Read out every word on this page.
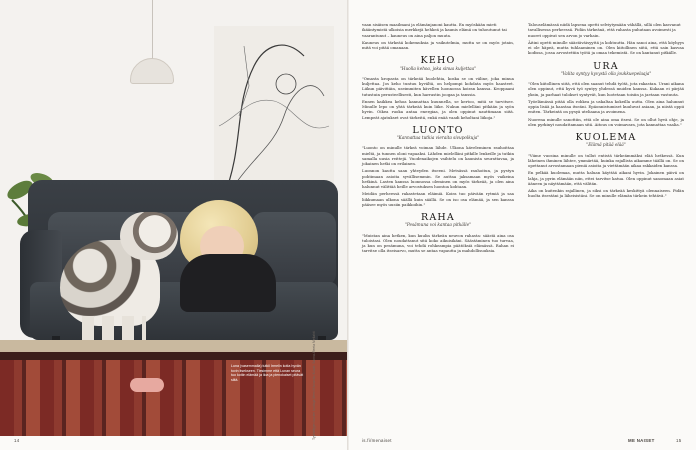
Luna (vasemmalla) tutkii Irmelin kotia hyvän tovin itsekseen. Tiesimme että Lunan seura tuo kotiin elämää ja iloa ja pienokaiset pitävät siitä.	Tyyliteltyjen kuvien tuottaja Mervi Kiviranta; Kuvat: Sanna-Reeta Meilahti
14

vaan sisäisen maailmani ja elämänjanoni kautta. En myöskään mieti ikääntymistä ulkoisia merkkejä hehkeä ja kaunis elämä on tuhoutunut tai vaarantunut – kauneus on aina paljon muuta.

Kauneus on tärkeää kokemuksia ja vaikutelmia, mutta se on myös jotain, mitä voi pitää omanaan.

KEHO
"Huolla kehoa, joka sinua kuljettaa"

"Omasta kropasta on tärkeää huolehtia, koska se on väline, joka minua kuljettaa. Jos keho tuntuu hyvältä, on helpompi kohdata myös haasteet. Liikun päivittäin, useimmiten kävellen luonnossa koiran kanssa. Kroppaani tutustuin perusteellisesti, kun harrastin joogaa ja tanssia.

Ennen kaikkea kehoa kannattaa kuunnella, se kertoo, mitä se tarvitsee. Minulle lepo on yhtä tärkeää kuin liike. Nukun mielelläni pitkään ja syön hyvin. Oikea ruoka antaa energiaa, ja olen oppinut nauttimaan siitä. Lempeät ajatukset ovat tärkeitä, enkä enää vaadi keholtani liikoja."

LUONTO
"Kannattaa tutkia vieraita sivupolkuja"

"Luonto on minulle tärkeä voiman lähde. Ulkona käveleminen rauhoittaa mieltä, ja tunnen oloni vapaaksi. Lähden mielelläni pitkille lenkeille ja tutkin samalla uusia reittejä. Vuodenaikojen vaihtelu on kaunista seurattavaa, ja jokainen hetki on erilainen.

Luonnon kautta saan yhteyden itseeni. Metsässä rauhoitun, ja pystyn pohtimaan asioita syvällisemmin. Se auttaa jaksamaan myös vaikeina hetkinä. Lasten kanssa luonnossa oleminen on myös tärkeää, ja olen aina halunnut välittää heille arvostuksen luontoa kohtaan.

Meidän perheessä rakastetaan eläimiä. Koira tuo päivään rytmiä ja saa liikkumaan ulkona säällä kuin säällä. Se on iso osa elämää, ja sen kanssa pääsee myös uusiin paikkoihin."

RAHA
"Pesämuna voi kantaa pitkälle"

"Muistan aina hetken, kun kuulin tärkeän neuvon rahasta: säästä aina osa tuloistasi. Olen noudattanut sitä koko aikuisikäni. Säästäminen tuo turvaa, ja kun on pesämuna, voi tehdä rohkeampia päätöksiä elämässä. Rahan ei tarvitse olla itseisarvo, mutta se antaa vapautta ja mahdollisuuksia.

Talouselämässä niidä lapsena opetti selviytymään vähällä, sillä olen kasvanut tavallisessa perheessä. Pidän tärkeänä, että rahasta puhutaan avoimesti ja nuoret oppivat sen arvon jo varhain.

Äitini opetti minulle säästäväisyyttä ja kohtuutta. Hän sanoi aina, että köyhyys ei ole häpeä, mutta tuhlaaminen on. Olen kiitollinen siitä, että sain kasvaa kodissa, jossa arvostettiin työtä ja omaa tekemistä. Se on kantanut pitkälle.

URA
"Valita syntyy kyvystä olla joukkuepelaaja"

"Olen kiitollinen siitä, että olen saanut tehdä työtä, jota rakastan. Urani aikana olen oppinut, että hyvä työ syntyy yhdessä muiden kanssa. Kukaan ei pärjää yksin, ja parhaat tulokset syntyvät, kun luotetaan toisiin ja jaetaan vastuuta.

Työelämässä pitää olla rohkea ja uskaltaa kokeilla uutta. Olen aina halunnut oppia lisää ja haastaa itseäni. Epäonnistumiset kuuluvat asiaan, ja niistä oppii eniten. Tärkeintä on pysyä uteliaana ja avoimena.

Nuorena minulle sanottiin, että ole aina oma itsesi. Se on ollut hyvä ohje, ja olen pyrkinyt noudattamaan sitä. Aitous on voimavara, jota kannattaa vaalia."

KUOLEMA
"Elämä pitää elää"

"Viime vuosina minulle on tullut entistä tärkeämmäksi elää hetkessä. Kun läheinen ihminen lähtee, ymmärtää, kuinka rajallista aikamme täällä on. Se on opettanut arvostamaan pieniä asioita ja viettämään aikaa rakkaiden kanssa.

En pelkää kuolemaa, mutta haluan käyttää aikani hyvin. Jokainen päivä on lahja, ja pyrin elämään niin, ettei tarvitse katua. Olen oppinut sanomaan asiat ääneen ja näyttämään, että välitän.

Aika on kuitenkin rajallinen, ja siksi on tärkeää keskittyä olennaiseen. Pidän huolta itsestäni ja läheisistäni. Se on minulle elämän tärkein tehtävä."

is.fi/menaiset	ME NAISET	15
